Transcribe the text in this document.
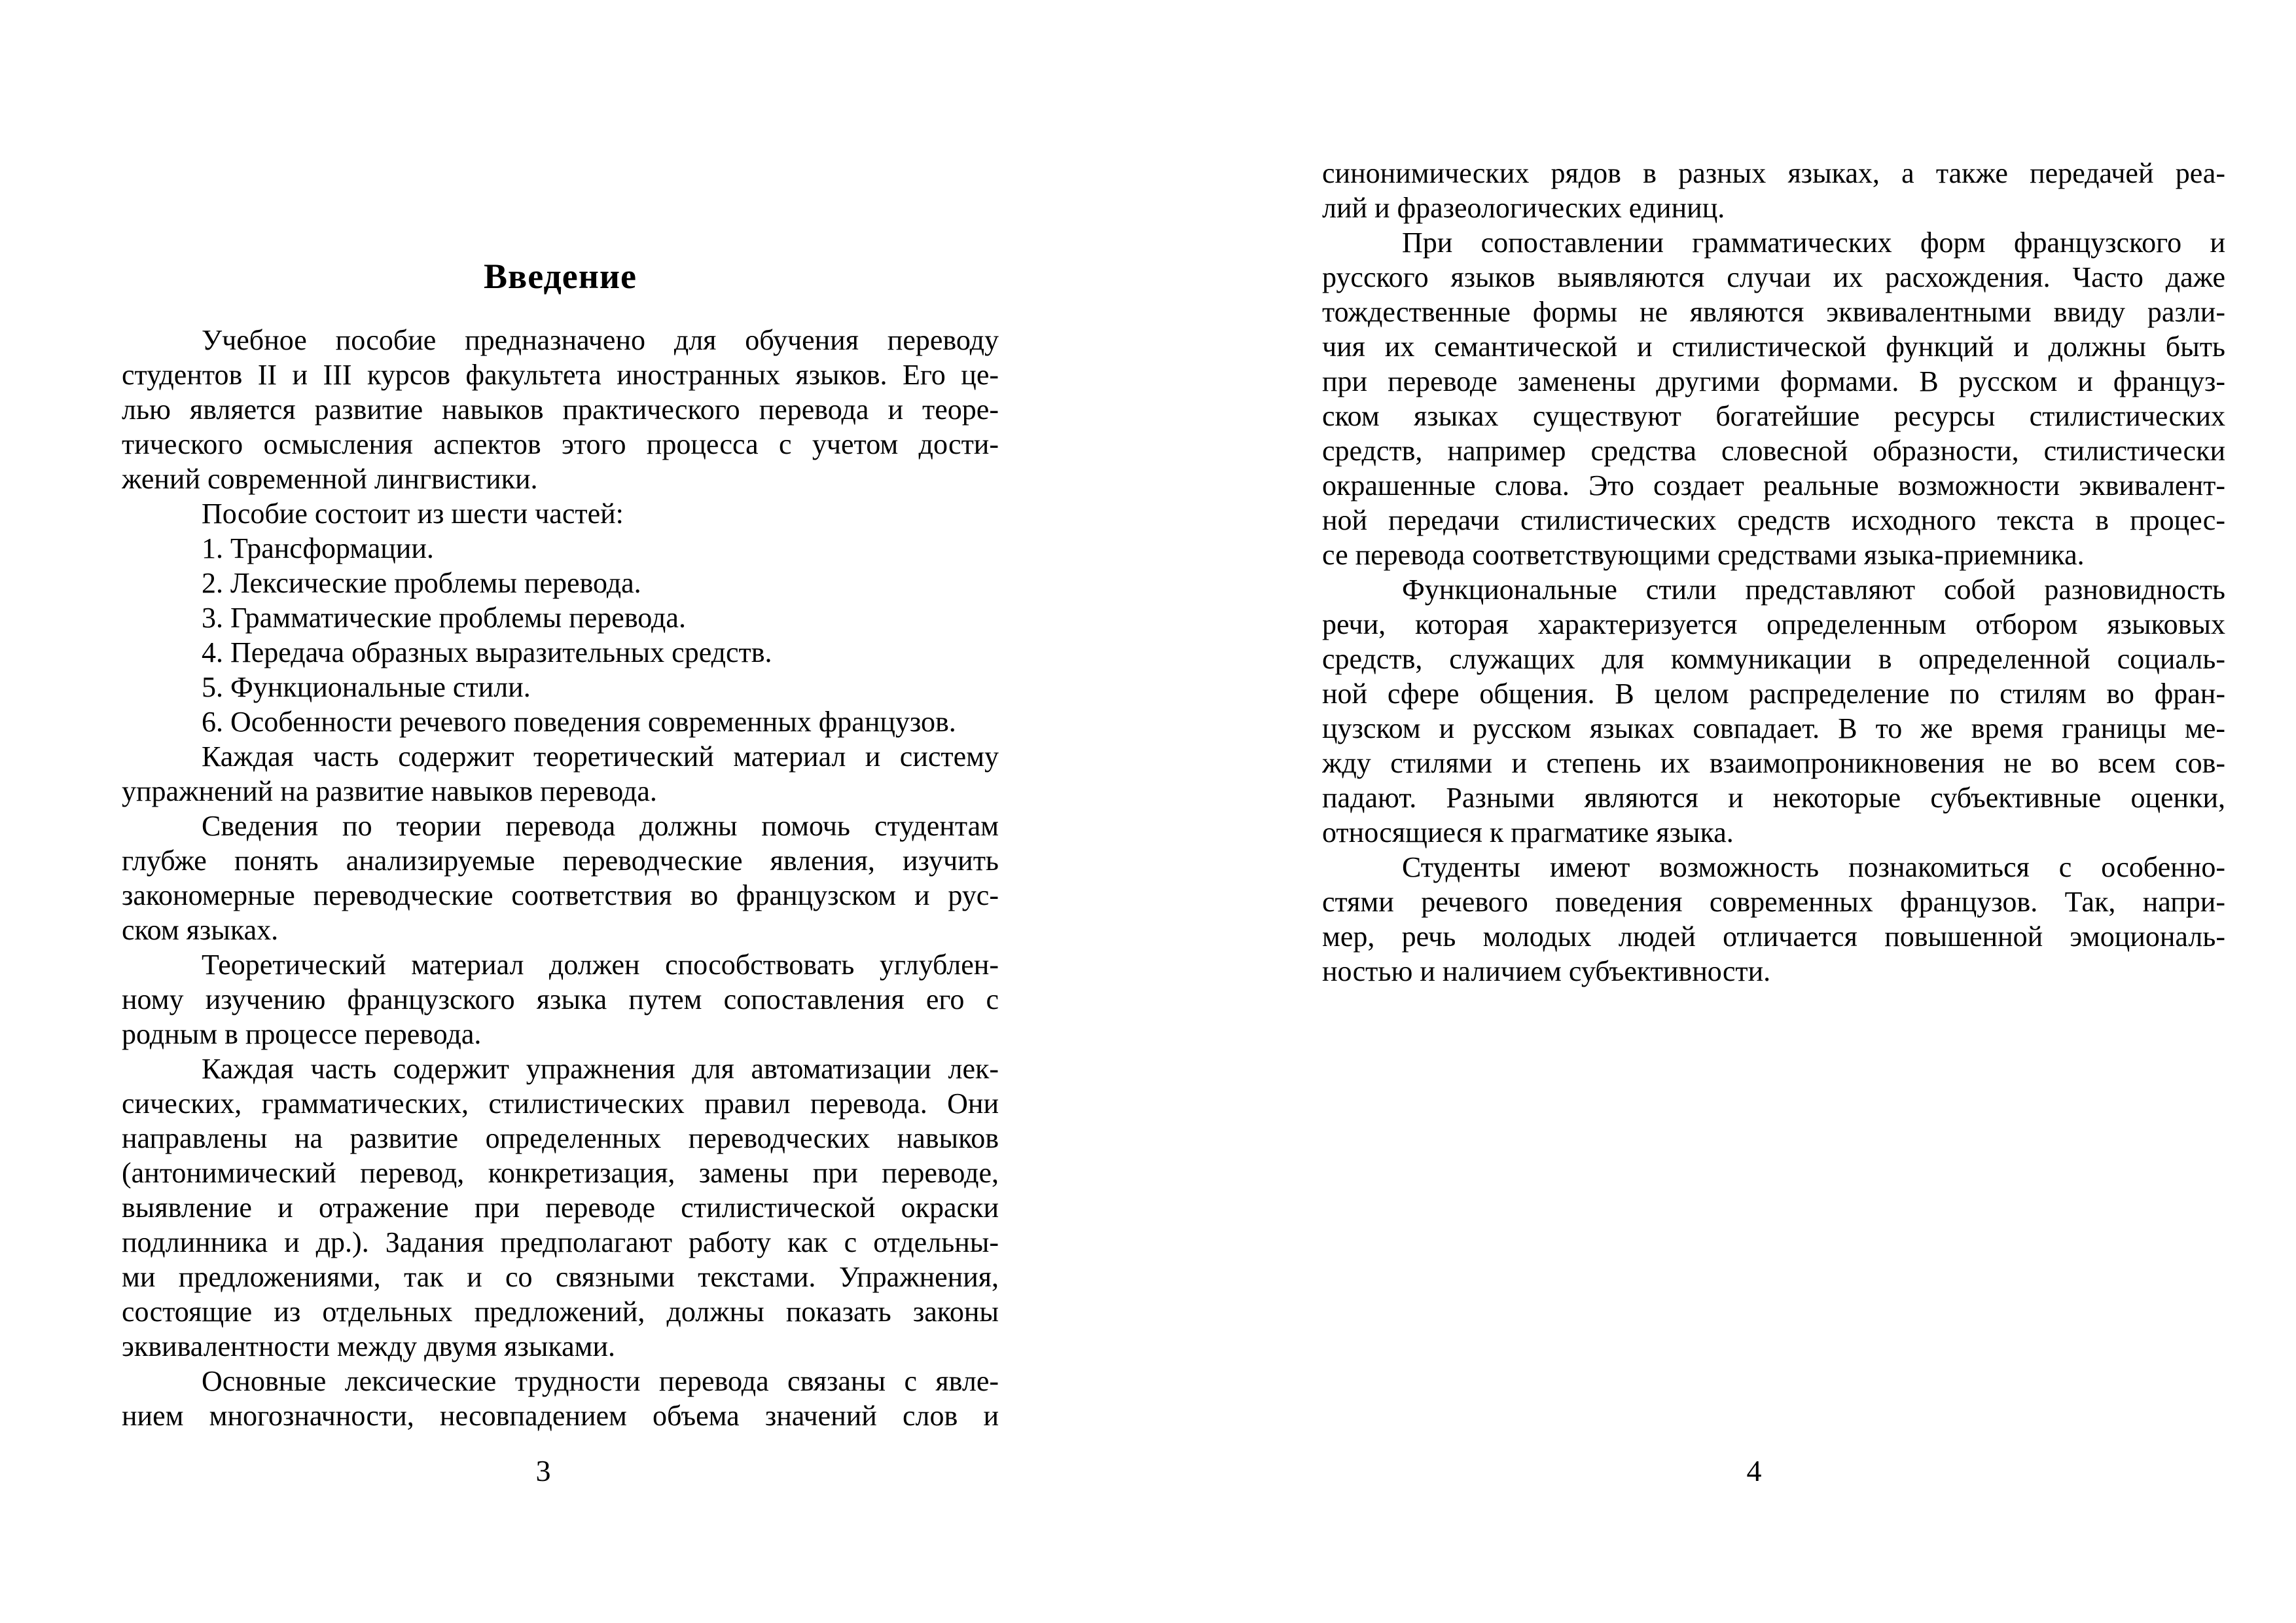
Введение
Учебное пособие предназначено для обучения переводу
студентов II и III курсов факультета иностранных языков. Его це-
лью является развитие навыков практического перевода и теоре-
тического осмысления аспектов этого процесса с учетом дости-
жений современной лингвистики.
Пособие состоит из шести частей:
1. Трансформации.
2. Лексические проблемы перевода.
3. Грамматические проблемы перевода.
4. Передача образных выразительных средств.
5. Функциональные стили.
6. Особенности речевого поведения современных французов.
Каждая часть содержит теоретический материал и систему
упражнений на развитие навыков перевода.
Сведения по теории перевода должны помочь студентам
глубже понять анализируемые переводческие явления, изучить
закономерные переводческие соответствия во французском и рус-
ском языках.
Теоретический материал должен способствовать углублен-
ному изучению французского языка путем сопоставления его с
родным в процессе перевода.
Каждая часть содержит упражнения для автоматизации лек-
сических, грамматических, стилистических правил перевода. Они
направлены на развитие определенных переводческих навыков
(антонимический перевод, конкретизация, замены при переводе,
выявление и отражение при переводе стилистической окраски
подлинника и др.). Задания предполагают работу как с отдельны-
ми предложениями, так и со связными текстами. Упражнения,
состоящие из отдельных предложений, должны показать законы
эквивалентности между двумя языками.
Основные лексические трудности перевода связаны с явле-
нием многозначности, несовпадением объема значений слов и
синонимических рядов в разных языках, а также передачей реа-
лий и фразеологических единиц.
При сопоставлении грамматических форм французского и
русского языков выявляются случаи их расхождения. Часто даже
тождественные формы не являются эквивалентными ввиду разли-
чия их семантической и стилистической функций и должны быть
при переводе заменены другими формами. В русском и француз-
ском языках существуют богатейшие ресурсы стилистических
средств, например средства словесной образности, стилистически
окрашенные слова. Это создает реальные возможности эквивалент-
ной передачи стилистических средств исходного текста в процес-
се перевода соответствующими средствами языка-приемника.
Функциональные стили представляют собой разновидность
речи, которая характеризуется определенным отбором языковых
средств, служащих для коммуникации в определенной социаль-
ной сфере общения. В целом распределение по стилям во фран-
цузском и русском языках совпадает. В то же время границы ме-
жду стилями и степень их взаимопроникновения не во всем сов-
падают. Разными являются и некоторые субъективные оценки,
относящиеся к прагматике языка.
Студенты имеют возможность познакомиться с особенно-
стями речевого поведения современных французов. Так, напри-
мер, речь молодых людей отличается повышенной эмоциональ-
ностью и наличием субъективности.
3	4
